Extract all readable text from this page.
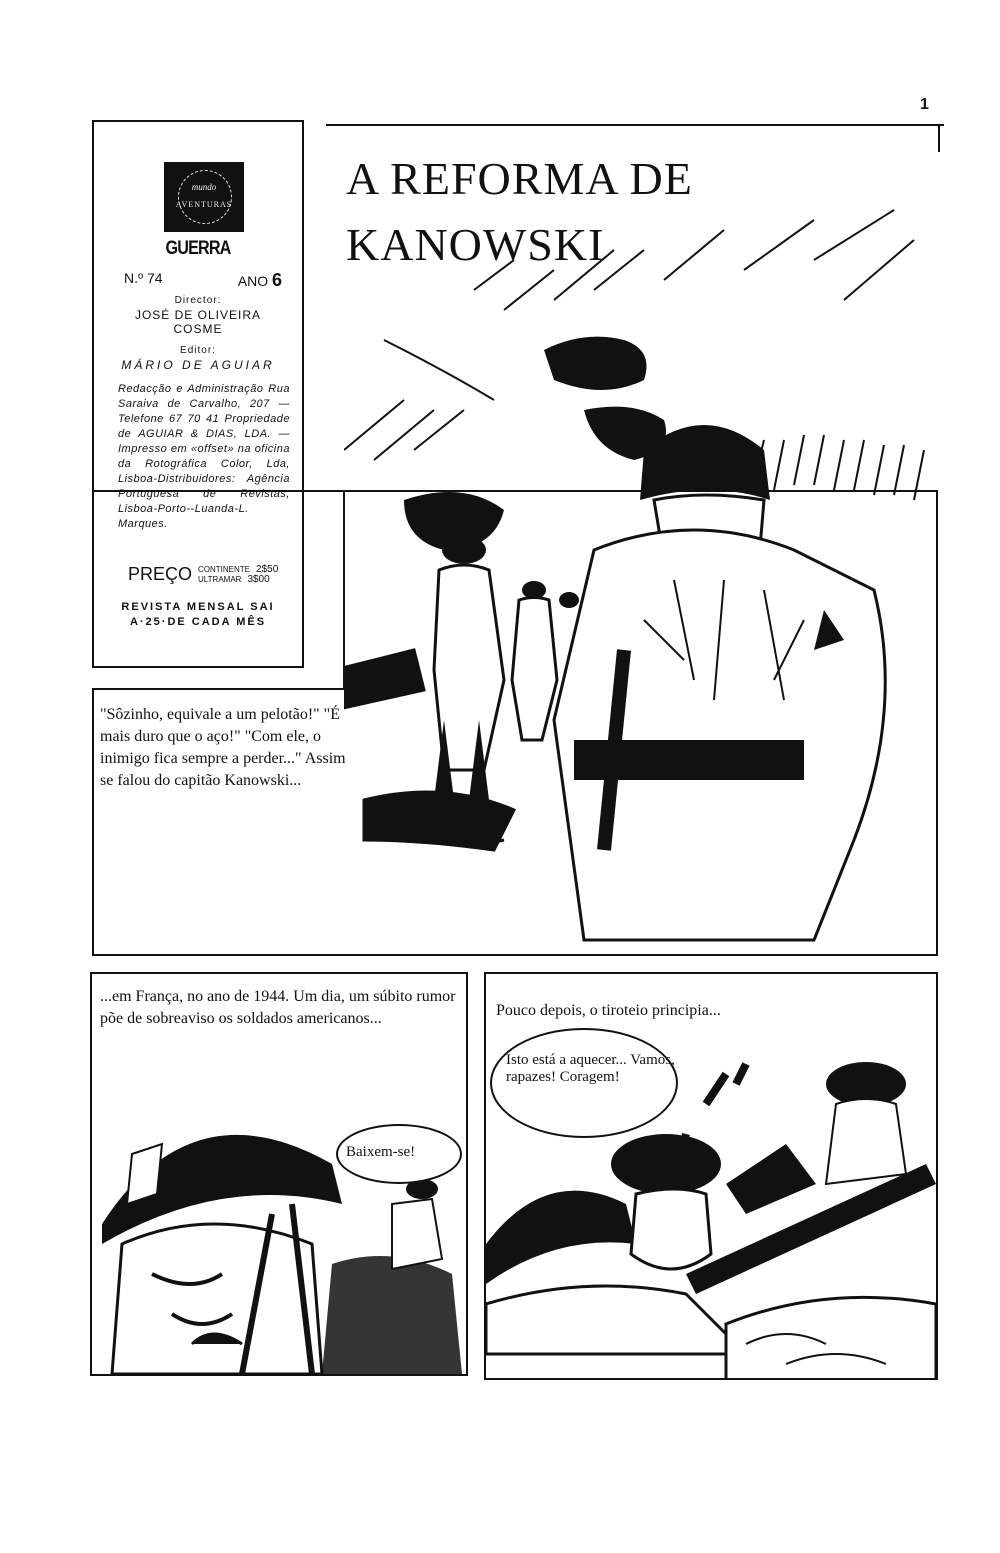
1
mundo
AVENTURAS
GUERRA
N.º 74	ANO 6
Director:
JOSÉ DE OLIVEIRA COSME
Editor:
MÁRIO DE AGUIAR
Redacção e Administração Rua Saraiva de Carvalho, 207 — Telefone 67 70 41 Propriedade de AGUIAR & DIAS, LDA. — Impresso em «offset» na oficina da Rotográfica Color, Lda, Lisboa-Distribuidores: Agência Portuguesa de Revistas, Lisboa-Porto--Luanda-L. Marques.
PREÇO CONTINENTE 2$50
ULTRAMAR 3$00
REVISTA MENSAL SAI A·25·DE CADA MÊS
A REFORMA DE
KANOWSKI
"Sôzinho, equivale a um pelotão!" "É mais duro que o aço!" "Com ele, o inimigo fica sempre a perder..." Assim se falou do capitão Kanowski...
...em França, no ano de 1944. Um dia, um súbito rumor põe de sobreaviso os soldados americanos...
Baixem-se!
Pouco depois, o tiroteio principia...
Isto está a aquecer... Vamos, rapazes! Coragem!
